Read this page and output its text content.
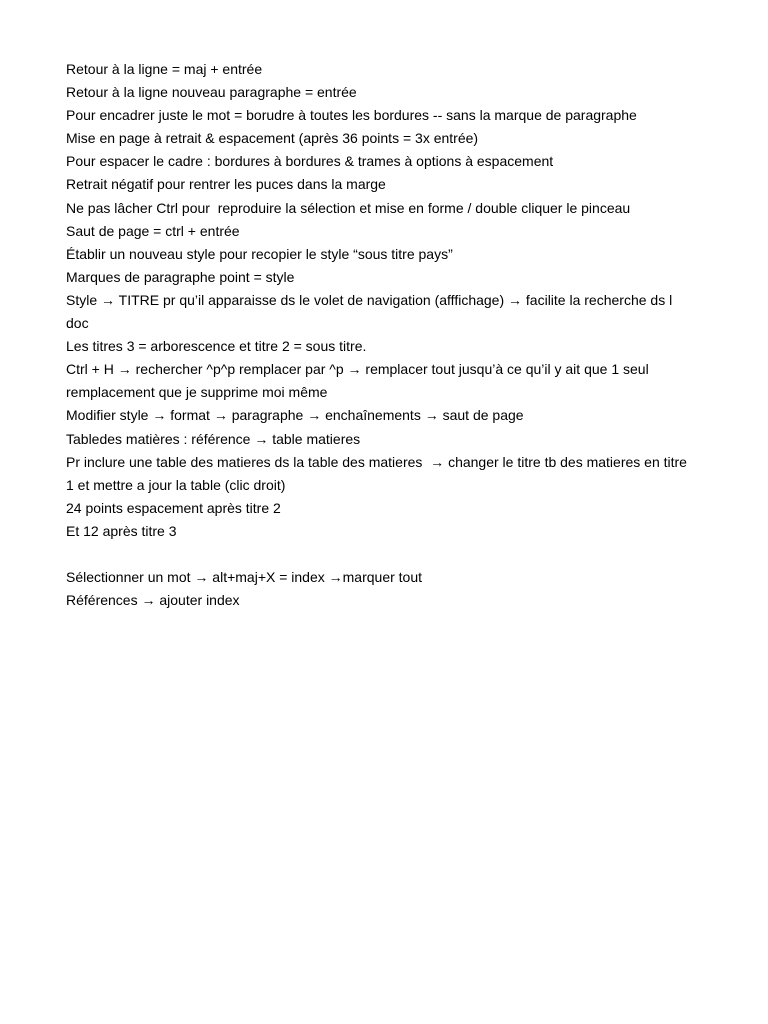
Retour à la ligne = maj + entrée
Retour à la ligne nouveau paragraphe = entrée
Pour encadrer juste le mot = borudre à toutes les bordures -- sans la marque de paragraphe
Mise en page à retrait & espacement (après 36 points = 3x entrée)
Pour espacer le cadre : bordures à bordures & trames à options à espacement
Retrait négatif pour rentrer les puces dans la marge
Ne pas lâcher Ctrl pour  reproduire la sélection et mise en forme / double cliquer le pinceau
Saut de page = ctrl + entrée
Établir un nouveau style pour recopier le style “sous titre pays”
Marques de paragraphe point = style
Style → TITRE pr qu’il apparaisse ds le volet de navigation (afffichage) → facilite la recherche ds l
doc
Les titres 3 = arborescence et titre 2 = sous titre.
Ctrl + H → rechercher ^p^p remplacer par ^p → remplacer tout jusqu’à ce qu’il y ait que 1 seul
remplacement que je supprime moi même
Modifier style → format → paragraphe → enchaînements → saut de page
Tabledes matières : référence → table matieres
Pr inclure une table des matieres ds la table des matieres  → changer le titre tb des matieres en titre
1 et mettre a jour la table (clic droit)
24 points espacement après titre 2
Et 12 après titre 3
Sélectionner un mot → alt+maj+X = index →marquer tout
Références → ajouter index
